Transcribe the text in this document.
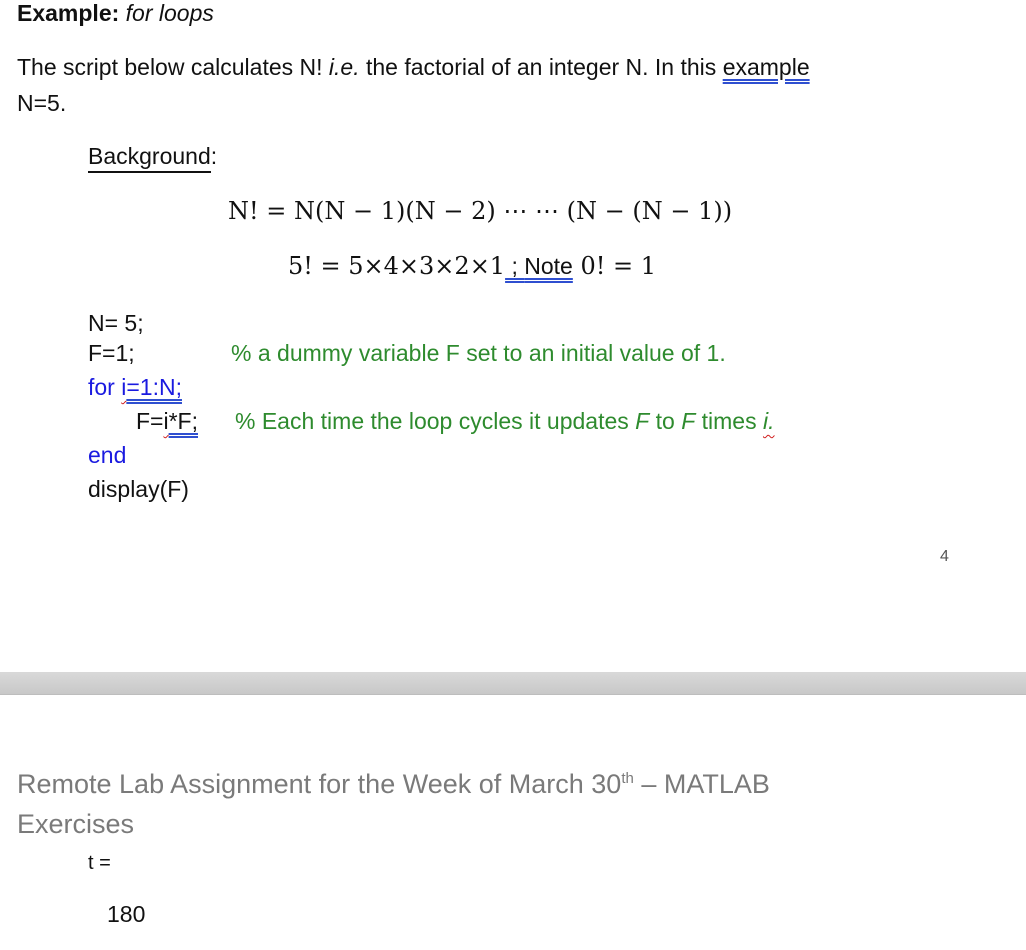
Example: for loops
The script below calculates N! i.e. the factorial of an integer N. In this example
N=5.
Background:
N! = N(N − 1)(N − 2) ⋯ ⋯ (N − (N − 1))
5! = 5×4×3×2×1 ; Note 0! = 1
N= 5;
F=1;	% a dummy variable F set to an initial value of 1.
for i=1:N;
F=i*F; % Each time the loop cycles it updates F to F times i.
end
display(F)
4
Remote Lab Assignment for the Week of March 30th – MATLAB
Exercises
t =
180
